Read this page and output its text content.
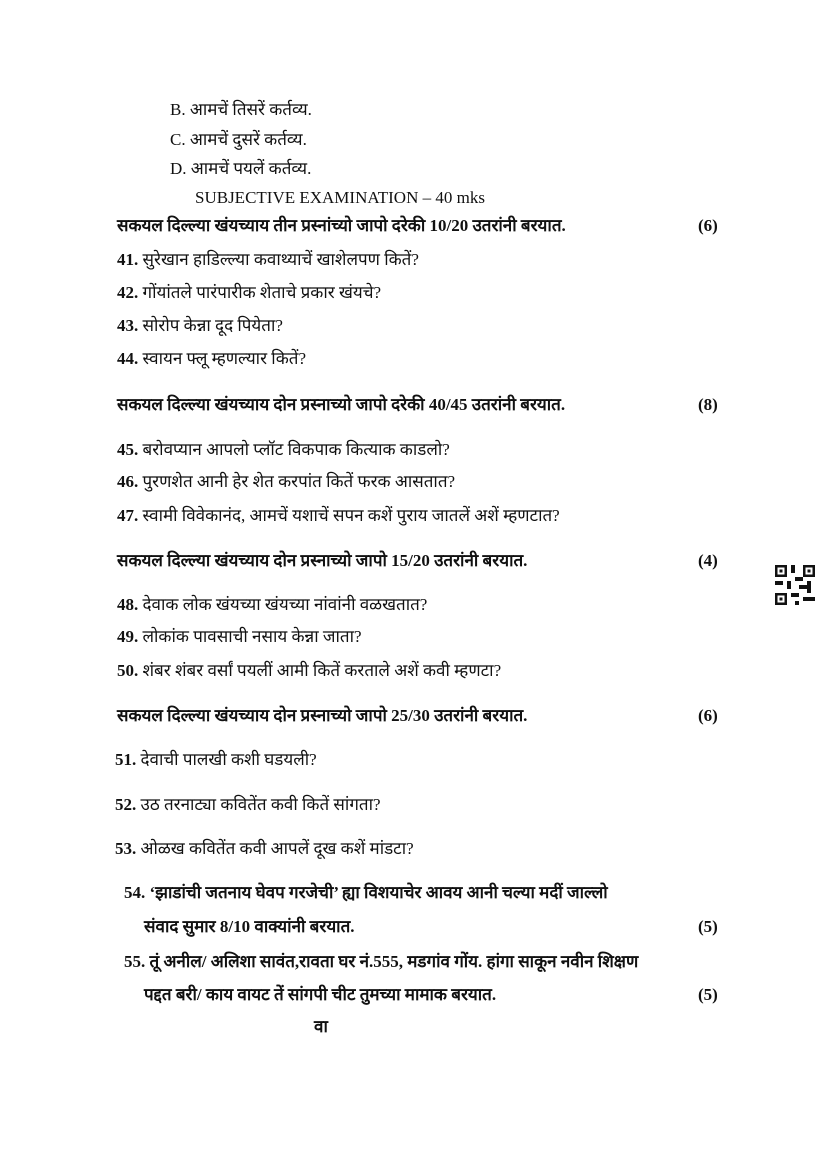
B. आमचें तिसरें कर्तव्य.
C. आमचें दुसरें कर्तव्य.
D. आमचें पयलें कर्तव्य.
SUBJECTIVE EXAMINATION – 40 mks
सकयल दिल्ल्या खंयच्याय तीन प्रस्नांच्यो जापो दरेकी 10/20 उतरांनी बरयात.	(6)
41. सुरेखान हाडिल्ल्या कवाथ्याचें खाशेलपण कितें?
42. गोंयांतले पारंपारीक शेताचे प्रकार खंयचे?
43. सोरोप केन्ना दूद पियेता?
44. स्वायन फ्लू म्हणल्यार कितें?
सकयल दिल्ल्या खंयच्याय दोन प्रस्नाच्यो जापो दरेकी 40/45 उतरांनी बरयात.	(8)
45. बरोवप्यान आपलो प्लॉट विकपाक कित्याक काडलो?
46. पुरणशेत आनी हेर शेत करपांत कितें फरक आसतात?
47. स्वामी विवेकानंद, आमचें यशाचें सपन कशें पुराय जातलें अशें म्हणटात?
सकयल दिल्ल्या खंयच्याय दोन प्रस्नाच्यो जापो 15/20 उतरांनी बरयात.	(4)
48. देवाक लोक खंयच्या खंयच्या नांवांनी वळखतात?
49. लोकांक पावसाची नसाय केन्ना जाता?
50. शंबर शंबर वर्सां पयलीं आमी कितें करताले अशें कवी म्हणटा?
सकयल दिल्ल्या खंयच्याय दोन प्रस्नाच्यो जापो 25/30 उतरांनी बरयात.	(6)
51. देवाची पालखी कशी घडयली?
52. उठ तरनाट्या कवितेंत कवी कितें सांगता?
53. ओळख कवितेंत कवी आपलें दूख कशें मांडटा?
54. ‘झाडांची जतनाय घेवप गरजेची’ ह्या विशयाचेर आवय आनी चल्या मदीं जाल्लो
संवाद सुमार 8/10 वाक्यांनी बरयात.	(5)
55. तूं अनील/ अलिशा सावंत,रावता घर नं.555, मडगांव गोंय. हांगा साकून नवीन शिक्षण
पद्दत बरी/ काय वायट तें सांगपी चीट तुमच्या मामाक बरयात.	(5)
वा
